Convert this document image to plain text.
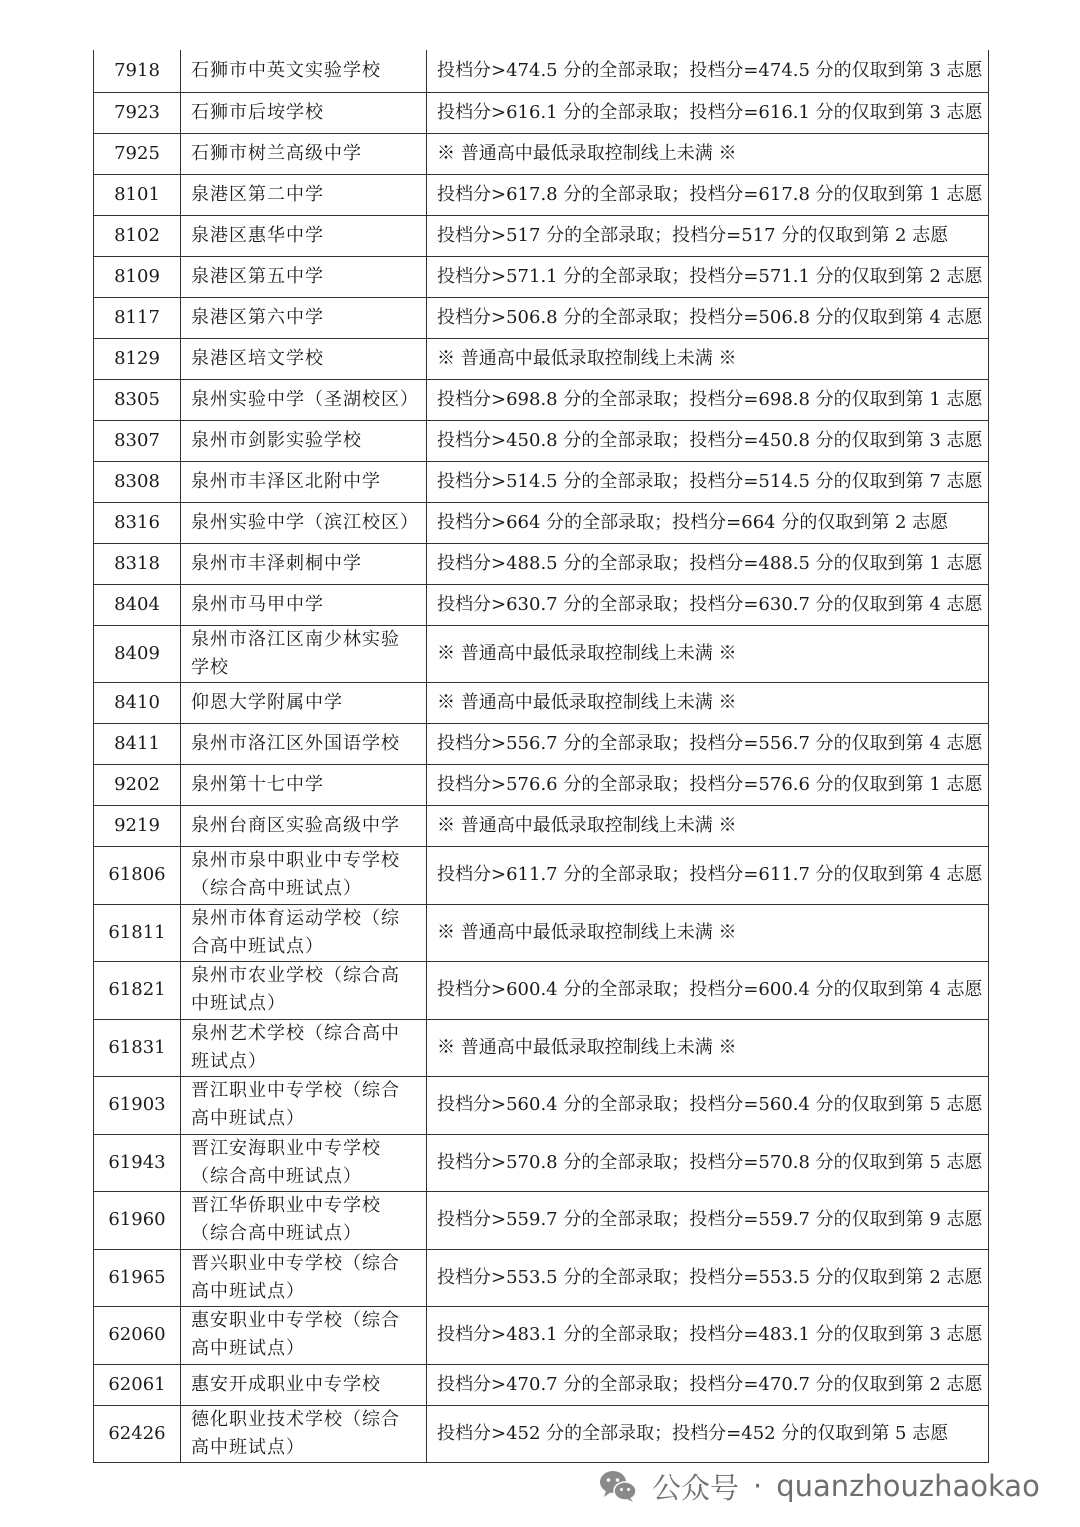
7918	石狮市中英文实验学校	投档分>474.5 分的全部录取；投档分=474.5 分的仅取到第 3 志愿
7923	石狮市后垵学校	投档分>616.1 分的全部录取；投档分=616.1 分的仅取到第 3 志愿
7925	石狮市树兰高级中学	※ 普通高中最低录取控制线上未满 ※
8101	泉港区第二中学	投档分>617.8 分的全部录取；投档分=617.8 分的仅取到第 1 志愿
8102	泉港区惠华中学	投档分>517 分的全部录取；投档分=517 分的仅取到第 2 志愿
8109	泉港区第五中学	投档分>571.1 分的全部录取；投档分=571.1 分的仅取到第 2 志愿
8117	泉港区第六中学	投档分>506.8 分的全部录取；投档分=506.8 分的仅取到第 4 志愿
8129	泉港区培文学校	※ 普通高中最低录取控制线上未满 ※
8305	泉州实验中学（圣湖校区）	投档分>698.8 分的全部录取；投档分=698.8 分的仅取到第 1 志愿
8307	泉州市剑影实验学校	投档分>450.8 分的全部录取；投档分=450.8 分的仅取到第 3 志愿
8308	泉州市丰泽区北附中学	投档分>514.5 分的全部录取；投档分=514.5 分的仅取到第 7 志愿
8316	泉州实验中学（滨江校区）	投档分>664 分的全部录取；投档分=664 分的仅取到第 2 志愿
8318	泉州市丰泽刺桐中学	投档分>488.5 分的全部录取；投档分=488.5 分的仅取到第 1 志愿
8404	泉州市马甲中学	投档分>630.7 分的全部录取；投档分=630.7 分的仅取到第 4 志愿
8409	泉州市洛江区南少林实验学校	※ 普通高中最低录取控制线上未满 ※
8410	仰恩大学附属中学	※ 普通高中最低录取控制线上未满 ※
8411	泉州市洛江区外国语学校	投档分>556.7 分的全部录取；投档分=556.7 分的仅取到第 4 志愿
9202	泉州第十七中学	投档分>576.6 分的全部录取；投档分=576.6 分的仅取到第 1 志愿
9219	泉州台商区实验高级中学	※ 普通高中最低录取控制线上未满 ※
61806	泉州市泉中职业中专学校（综合高中班试点）	投档分>611.7 分的全部录取；投档分=611.7 分的仅取到第 4 志愿
61811	泉州市体育运动学校（综合高中班试点）	※ 普通高中最低录取控制线上未满 ※
61821	泉州市农业学校（综合高中班试点）	投档分>600.4 分的全部录取；投档分=600.4 分的仅取到第 4 志愿
61831	泉州艺术学校（综合高中班试点）	※ 普通高中最低录取控制线上未满 ※
61903	晋江职业中专学校（综合高中班试点）	投档分>560.4 分的全部录取；投档分=560.4 分的仅取到第 5 志愿
61943	晋江安海职业中专学校（综合高中班试点）	投档分>570.8 分的全部录取；投档分=570.8 分的仅取到第 5 志愿
61960	晋江华侨职业中专学校（综合高中班试点）	投档分>559.7 分的全部录取；投档分=559.7 分的仅取到第 9 志愿
61965	晋兴职业中专学校（综合高中班试点）	投档分>553.5 分的全部录取；投档分=553.5 分的仅取到第 2 志愿
62060	惠安职业中专学校（综合高中班试点）	投档分>483.1 分的全部录取；投档分=483.1 分的仅取到第 3 志愿
62061	惠安开成职业中专学校	投档分>470.7 分的全部录取；投档分=470.7 分的仅取到第 2 志愿
62426	德化职业技术学校（综合高中班试点）	投档分>452 分的全部录取；投档分=452 分的仅取到第 5 志愿
公众号 · quanzhouzhaokao
